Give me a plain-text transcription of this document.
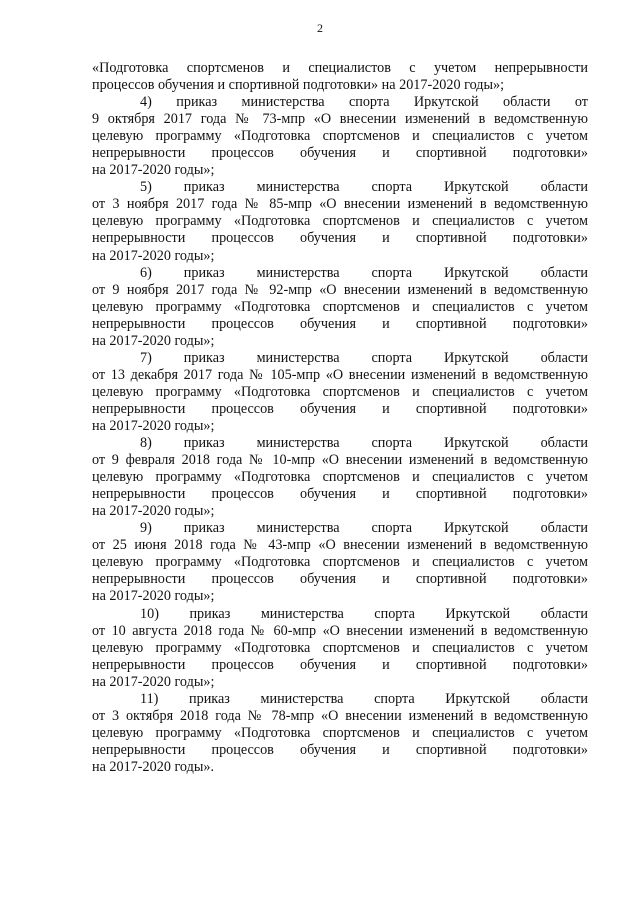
2
«Подготовка спортсменов и специалистов с учетом непрерывности
процессов обучения и спортивной подготовки» на 2017-2020 годы»;
4) приказ министерства спорта Иркутской области от
9 октября 2017 года № 73-мпр «О внесении изменений в ведомственную
целевую программу «Подготовка спортсменов и специалистов с учетом
непрерывности процессов обучения и спортивной подготовки»
на 2017-2020 годы»;
5) приказ министерства спорта Иркутской области
от 3 ноября 2017 года № 85-мпр «О внесении изменений в ведомственную
целевую программу «Подготовка спортсменов и специалистов с учетом
непрерывности процессов обучения и спортивной подготовки»
на 2017-2020 годы»;
6) приказ министерства спорта Иркутской области
от 9 ноября 2017 года № 92-мпр «О внесении изменений в ведомственную
целевую программу «Подготовка спортсменов и специалистов с учетом
непрерывности процессов обучения и спортивной подготовки»
на 2017-2020 годы»;
7) приказ министерства спорта Иркутской области
от 13 декабря 2017 года № 105-мпр «О внесении изменений в ведомственную
целевую программу «Подготовка спортсменов и специалистов с учетом
непрерывности процессов обучения и спортивной подготовки»
на 2017-2020 годы»;
8) приказ министерства спорта Иркутской области
от 9 февраля 2018 года № 10-мпр «О внесении изменений в ведомственную
целевую программу «Подготовка спортсменов и специалистов с учетом
непрерывности процессов обучения и спортивной подготовки»
на 2017-2020 годы»;
9) приказ министерства спорта Иркутской области
от 25 июня 2018 года № 43-мпр «О внесении изменений в ведомственную
целевую программу «Подготовка спортсменов и специалистов с учетом
непрерывности процессов обучения и спортивной подготовки»
на 2017-2020 годы»;
10) приказ министерства спорта Иркутской области
от 10 августа 2018 года № 60-мпр «О внесении изменений в ведомственную
целевую программу «Подготовка спортсменов и специалистов с учетом
непрерывности процессов обучения и спортивной подготовки»
на 2017-2020 годы»;
11) приказ министерства спорта Иркутской области
от 3 октября 2018 года № 78-мпр «О внесении изменений в ведомственную
целевую программу «Подготовка спортсменов и специалистов с учетом
непрерывности процессов обучения и спортивной подготовки»
на 2017-2020 годы».
